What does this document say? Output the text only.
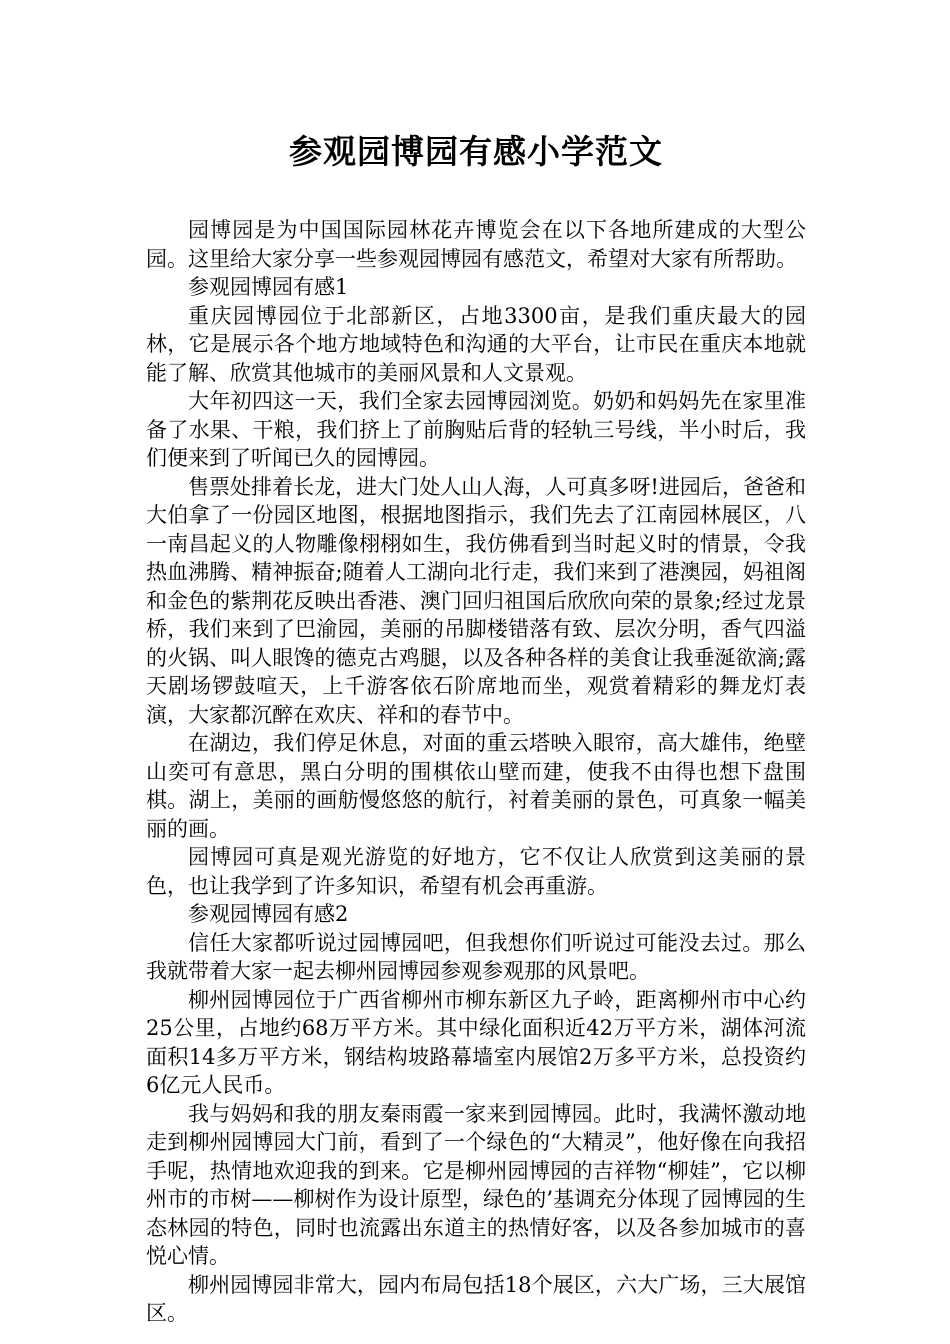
参观园博园有感小学范文

园博园是为中国国际园林花卉博览会在以下各地所建成的大型公园。这里给大家分享一些参观园博园有感范文，希望对大家有所帮助。

参观园博园有感1

重庆园博园位于北部新区，占地3300亩，是我们重庆最大的园林，它是展示各个地方地域特色和沟通的大平台，让市民在重庆本地就能了解、欣赏其他城市的美丽风景和人文景观。

大年初四这一天，我们全家去园博园浏览。奶奶和妈妈先在家里准备了水果、干粮，我们挤上了前胸贴后背的轻轨三号线，半小时后，我们便来到了听闻已久的园博园。

售票处排着长龙，进大门处人山人海，人可真多呀!进园后，爸爸和大伯拿了一份园区地图，根据地图指示，我们先去了江南园林展区，八一南昌起义的人物雕像栩栩如生，我仿佛看到当时起义时的情景，令我热血沸腾、精神振奋;随着人工湖向北行走，我们来到了港澳园，妈祖阁和金色的紫荆花反映出香港、澳门回归祖国后欣欣向荣的景象;经过龙景桥，我们来到了巴渝园，美丽的吊脚楼错落有致、层次分明，香气四溢的火锅、叫人眼馋的德克古鸡腿，以及各种各样的美食让我垂涎欲滴;露天剧场锣鼓喧天，上千游客依石阶席地而坐，观赏着精彩的舞龙灯表演，大家都沉醉在欢庆、祥和的春节中。

在湖边，我们停足休息，对面的重云塔映入眼帘，高大雄伟，绝壁山奕可有意思，黑白分明的围棋依山壁而建，使我不由得也想下盘围棋。湖上，美丽的画舫慢悠悠的航行，衬着美丽的景色，可真象一幅美丽的画。

园博园可真是观光游览的好地方，它不仅让人欣赏到这美丽的景色，也让我学到了许多知识，希望有机会再重游。

参观园博园有感2

信任大家都听说过园博园吧，但我想你们听说过可能没去过。那么我就带着大家一起去柳州园博园参观参观那的风景吧。

柳州园博园位于广西省柳州市柳东新区九子岭，距离柳州市中心约25公里，占地约68万平方米。其中绿化面积近42万平方米，湖体河流面积14多万平方米，钢结构坡路幕墙室内展馆2万多平方米，总投资约6亿元人民币。

我与妈妈和我的朋友秦雨霞一家来到园博园。此时，我满怀激动地走到柳州园博园大门前，看到了一个绿色的“大精灵”，他好像在向我招手呢，热情地欢迎我的到来。它是柳州园博园的吉祥物“柳娃”，它以柳州市的市树——柳树作为设计原型，绿色的’基调充分体现了园博园的生态林园的特色，同时也流露出东道主的热情好客，以及各参加城市的喜悦心情。

柳州园博园非常大，园内布局包括18个展区，六大广场，三大展馆区。
